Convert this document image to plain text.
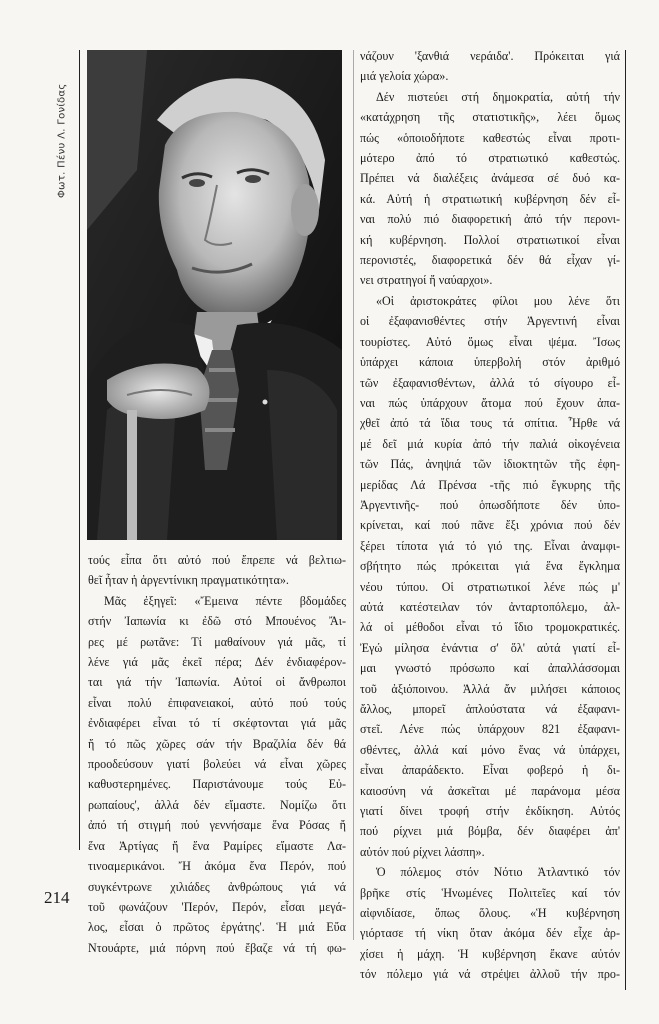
Φωτ. Πένυ Λ. Γονίδας
τούς εἶπα ὅτι αὐτό πού ἔπρεπε νά βελτιω-
θεῖ ἦταν ἡ ἀργεντίνικη πραγματικότητα».
Μᾶς ἐξηγεῖ: «Ἔμεινα πέντε βδομάδες
στήν Ἰαπωνία κι ἐδῶ στό Μπουένος Ἄι-
ρες μέ ρωτᾶνε: Τί μαθαίνουν γιά μᾶς, τί
λένε γιά μᾶς ἐκεῖ πέρα; Δέν ἐνδιαφέρον-
ται γιά τήν Ἰαπωνία. Αὐτοί οἱ ἄνθρωποι
εἶναι πολύ ἐπιφανειακοί, αὐτό πού τούς
ἐνδιαφέρει εἶναι τό τί σκέφτονται γιά μᾶς
ἤ τό πῶς χῶρες σάν τήν Βραζιλία δέν θά
προοδεύσουν γιατί βολεύει νά εἶναι χῶρες
καθυστερημένες. Παριστάνουμε τούς Εὐ-
ρωπαίους', ἀλλά δέν εἴμαστε. Νομίζω ὅτι
ἀπό τή στιγμή πού γεννήσαμε ἕνα Ρόσας ἤ
ἕνα Ἀρτίγας ἤ ἕνα Ραμίρες εἴμαστε Λα-
τινοαμερικάνοι. Ἤ ἀκόμα ἕνα Περόν, πού
συγκέντρωνε χιλιάδες ἀνθρώπους γιά νά
τοῦ φωνάζουν 'Περόν, Περόν, εἶσαι μεγά-
λος, εἶσαι ὁ πρῶτος ἐργάτης'. Ἡ μιά Εὔα
Ντουάρτε, μιά πόρνη πού ἔβαζε νά τή φω-
214
νάζουν 'ξανθιά νεράιδα'. Πρόκειται γιά
μιά γελοία χώρα».
Δέν πιστεύει στή δημοκρατία, αὐτή τήν
«κατάχρηση τῆς στατιστικῆς», λέει ὅμως
πώς «ὁποιοδήποτε καθεστώς εἶναι προτι-
μότερο ἀπό τό στρατιωτικό καθεστώς.
Πρέπει νά διαλέξεις ἀνάμεσα σέ δυό κα-
κά. Αὐτή ἡ στρατιωτική κυβέρνηση δέν εἶ-
ναι πολύ πιό διαφορετική ἀπό τήν περονι-
κή κυβέρνηση. Πολλοί στρατιωτικοί εἶναι
περονιστές, διαφορετικά δέν θά εἶχαν γί-
νει στρατηγοί ἤ ναύαρχοι».
«Οἱ ἀριστοκράτες φίλοι μου λένε ὅτι
οἱ ἐξαφανισθέντες στήν Ἀργεντινή εἶναι
τουρίστες. Αὐτό ὅμως εἶναι ψέμα. Ἴσως
ὑπάρχει κάποια ὑπερβολή στόν ἀριθμό
τῶν ἐξαφανισθέντων, ἀλλά τό σίγουρο εἶ-
ναι πώς ὑπάρχουν ἄτομα πού ἔχουν ἀπα-
χθεῖ ἀπό τά ἴδια τους τά σπίτια. Ἦρθε νά
μέ δεῖ μιά κυρία ἀπό τήν παλιά οἰκογένεια
τῶν Πάς, ἀνηψιά τῶν ἰδιοκτητῶν τῆς ἐφη-
μερίδας Λά Πρένσα -τῆς πιό ἔγκυρης τῆς
Ἀργεντινῆς- πού ὁπωσδήποτε δέν ὑπο-
κρίνεται, καί πού πᾶνε ἔξι χρόνια πού δέν
ξέρει τίποτα γιά τό γιό της. Εἶναι ἀναμφι-
σβήτητο πώς πρόκειται γιά ἕνα ἔγκλημα
νέου τύπου. Οἱ στρατιωτικοί λένε πώς μ'
αὐτά κατέστειλαν τόν ἀνταρτοπόλεμο, ἀλ-
λά οἱ μέθοδοι εἶναι τό ἴδιο τρομοκρατικές.
Ἐγώ μίλησα ἐνάντια σ' ὅλ' αὐτά γιατί εἶ-
μαι γνωστό πρόσωπο καί ἀπαλλάσσομαι
τοῦ ἀξιόποινου. Ἀλλά ἄν μιλήσει κάποιος
ἄλλος, μπορεῖ ἁπλούστατα νά ἐξαφανι-
στεῖ. Λένε πώς ὑπάρχουν 821 ἐξαφανι-
σθέντες, ἀλλά καί μόνο ἕνας νά ὑπάρχει,
εἶναι ἀπαράδεκτο. Εἶναι φοβερό ἡ δι-
καιοσύνη νά ἀσκεῖται μέ παράνομα μέσα
γιατί δίνει τροφή στήν ἐκδίκηση. Αὐτός
πού ρίχνει μιά βόμβα, δέν διαφέρει ἀπ'
αὐτόν πού ρίχνει λάσπη».
Ὁ πόλεμος στόν Νότιο Ἀτλαντικό τόν
βρῆκε στίς Ἡνωμένες Πολιτεῖες καί τόν
αἰφνιδίασε, ὅπως ὅλους. «Ἡ κυβέρνηση
γιόρτασε τή νίκη ὅταν ἀκόμα δέν εἶχε ἀρ-
χίσει ἡ μάχη. Ἡ κυβέρνηση ἔκανε αὐτόν
τόν πόλεμο γιά νά στρέψει ἀλλοῦ τήν προ-
